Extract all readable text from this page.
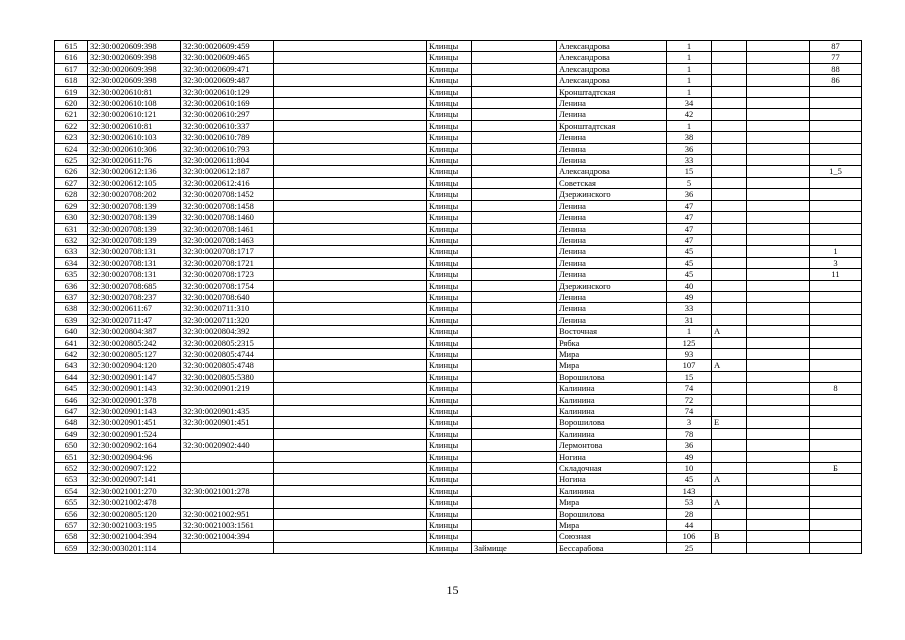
615	32:30:0020609:398	32:30:0020609:459		Клинцы		Александрова	1			87
616	32:30:0020609:398	32:30:0020609:465		Клинцы		Александрова	1			77
617	32:30:0020609:398	32:30:0020609:471		Клинцы		Александрова	1			88
618	32:30:0020609:398	32:30:0020609:487		Клинцы		Александрова	1			86
619	32:30:0020610:81	32:30:0020610:129		Клинцы		Кронштадтская	1			
620	32:30:0020610:108	32:30:0020610:169		Клинцы		Ленина	34			
621	32:30:0020610:121	32:30:0020610:297		Клинцы		Ленина	42			
622	32:30:0020610:81	32:30:0020610:337		Клинцы		Кронштадтская	1			
623	32:30:0020610:103	32:30:0020610:789		Клинцы		Ленина	38			
624	32:30:0020610:306	32:30:0020610:793		Клинцы		Ленина	36			
625	32:30:0020611:76	32:30:0020611:804		Клинцы		Ленина	33			
626	32:30:0020612:136	32:30:0020612:187		Клинцы		Александрова	15			1_5
627	32:30:0020612:105	32:30:0020612:416		Клинцы		Советская	5			
628	32:30:0020708:202	32:30:0020708:1452		Клинцы		Дзержинского	36			
629	32:30:0020708:139	32:30:0020708:1458		Клинцы		Ленина	47			
630	32:30:0020708:139	32:30:0020708:1460		Клинцы		Ленина	47			
631	32:30:0020708:139	32:30:0020708:1461		Клинцы		Ленина	47			
632	32:30:0020708:139	32:30:0020708:1463		Клинцы		Ленина	47			
633	32:30:0020708:131	32:30:0020708:1717		Клинцы		Ленина	45			1
634	32:30:0020708:131	32:30:0020708:1721		Клинцы		Ленина	45			3
635	32:30:0020708:131	32:30:0020708:1723		Клинцы		Ленина	45			11
636	32:30:0020708:685	32:30:0020708:1754		Клинцы		Дзержинского	40			
637	32:30:0020708:237	32:30:0020708:640		Клинцы		Ленина	49			
638	32:30:0020611:67	32:30:0020711:310		Клинцы		Ленина	33			
639	32:30:0020711:47	32:30:0020711:320		Клинцы		Ленина	31			
640	32:30:0020804:387	32:30:0020804:392		Клинцы		Восточная	1	А		
641	32:30:0020805:242	32:30:0020805:2315		Клинцы		Рябка	125			
642	32:30:0020805:127	32:30:0020805:4744		Клинцы		Мира	93			
643	32:30:0020904:120	32:30:0020805:4748		Клинцы		Мира	107	А		
644	32:30:0020901:147	32:30:0020805:5380		Клинцы		Ворошилова	15			
645	32:30:0020901:143	32:30:0020901:219		Клинцы		Калинина	74			8
646	32:30:0020901:378			Клинцы		Калинина	72			
647	32:30:0020901:143	32:30:0020901:435		Клинцы		Калинина	74			
648	32:30:0020901:451	32:30:0020901:451		Клинцы		Ворошилова	3	Е		
649	32:30:0020901:524			Клинцы		Калинина	78			
650	32:30:0020902:164	32:30:0020902:440		Клинцы		Лермонтова	36			
651	32:30:0020904:96			Клинцы		Ногина	49			
652	32:30:0020907:122			Клинцы		Складочная	10			Б
653	32:30:0020907:141			Клинцы		Ногина	45	А		
654	32:30:0021001:270	32:30:0021001:278		Клинцы		Калинина	143			
655	32:30:0021002:478			Клинцы		Мира	53	А		
656	32:30:0020805:120	32:30:0021002:951		Клинцы		Ворошилова	28			
657	32:30:0021003:195	32:30:0021003:1561		Клинцы		Мира	44			
658	32:30:0021004:394	32:30:0021004:394		Клинцы		Союзная	106	В		
659	32:30:0030201:114			Клинцы	Займище	Бессарабова	25			
15
